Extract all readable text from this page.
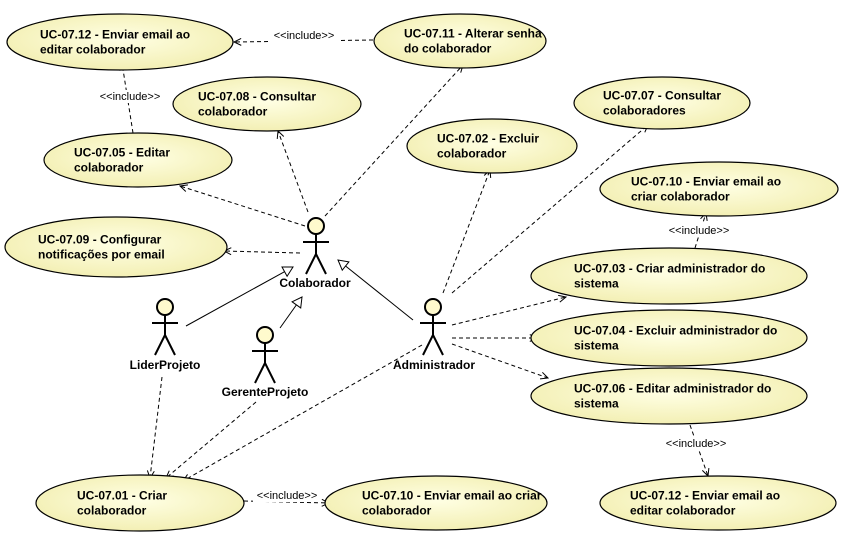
UC-07.12 - Enviar email ao
editar colaborador
UC-07.11 - Alterar senha
do colaborador
UC-07.08 - Consultar
colaborador
UC-07.05 - Editar
colaborador
UC-07.09 - Configurar
notificações por email
UC-07.02 - Excluir
colaborador
UC-07.07 - Consultar
colaboradores
UC-07.10 - Enviar email ao
criar colaborador
UC-07.03 - Criar administrador do
sistema
UC-07.04 - Excluir administrador do
sistema
UC-07.06 - Editar administrador do
sistema
UC-07.12 - Enviar email ao
editar colaborador
UC-07.01 - Criar
colaborador
UC-07.10 - Enviar email ao criar
colaborador
Colaborador
Administrador
LiderProjeto
GerenteProjeto
<<include>>
<<include>>
<<include>>
<<include>>
<<include>>
